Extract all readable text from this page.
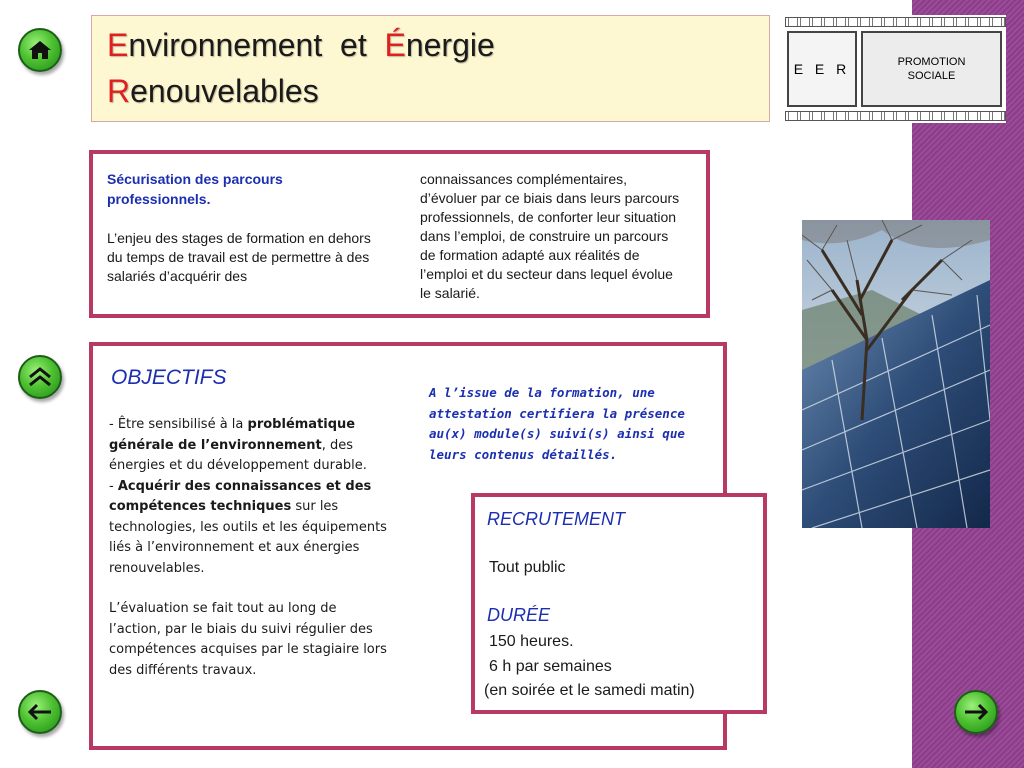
Environnement  et  Énergie
Renouvelables
E E R	PROMOTION
SOCIALE
Sécurisation des parcours professionnels.
L’enjeu des stages de formation en dehors du temps de travail est de permettre à des salariés d’acquérir des
connaissances complémentaires, d’évoluer par ce biais dans leurs parcours professionnels, de conforter leur situation dans l’emploi, de construire un parcours de formation adapté aux réalités de l’emploi et du secteur dans lequel évolue le salarié.
OBJECTIFS
- Être sensibilisé à la problématique générale de l’environnement, des énergies et du développement durable.
- Acquérir des connaissances et des compétences techniques sur les technologies, les outils et les équipements liés à l’environnement et aux énergies renouvelables.
L’évaluation se fait tout au long de l’action, par le biais du suivi régulier des compétences acquises par le stagiaire lors des différents travaux.
A l’issue de la formation, une attestation certifiera la présence au(x) module(s) suivi(s) ainsi que leurs contenus détaillés.
RECRUTEMENT
Tout public
DURÉE
150 heures.
6 h par semaines
(en soirée et le samedi matin)
